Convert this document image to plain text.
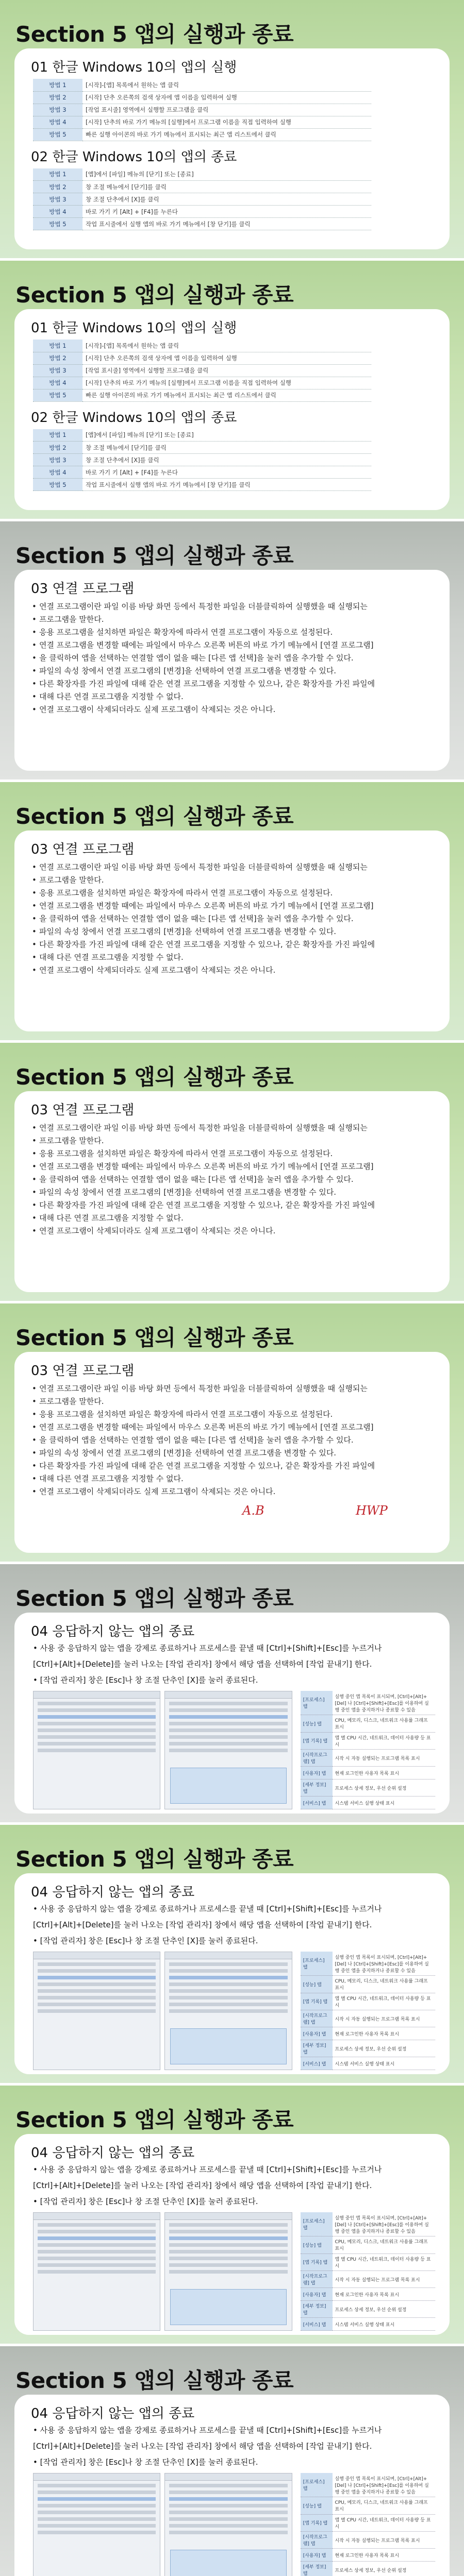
Section 5 앱의 실행과 종료
01 한글 Windows 10의 앱의 실행
방법 1	[시작]-[앱] 목록에서 원하는 앱 클릭
방법 2	[시작] 단추 오른쪽의 검색 상자에 앱 이름을 입력하여 실행
방법 3	[작업 표시줄] 영역에서 실행할 프로그램을 클릭
방법 4	[시작] 단추의 바로 가기 메뉴의 [실행]에서 프로그램 이름을 직접 입력하여 실행
방법 5	빠른 실행 아이콘의 바로 가기 메뉴에서 표시되는 최근 앱 리스트에서 클릭
02 한글 Windows 10의 앱의 종료
방법 1	[앱]에서 [파일] 메뉴의 [닫기] 또는 [종료]
방법 2	창 조절 메뉴에서 [닫기]를 클릭
방법 3	창 조절 단추에서 [X]를 클릭
방법 4	바로 가기 키 [Alt] + [F4]를 누른다
방법 5	작업 표시줄에서 실행 앱의 바로 가기 메뉴에서 [창 닫기]를 클릭
Section 5 앱의 실행과 종료
01 한글 Windows 10의 앱의 실행
방법 1	[시작]-[앱] 목록에서 원하는 앱 클릭
방법 2	[시작] 단추 오른쪽의 검색 상자에 앱 이름을 입력하여 실행
방법 3	[작업 표시줄] 영역에서 실행할 프로그램을 클릭
방법 4	[시작] 단추의 바로 가기 메뉴의 [실행]에서 프로그램 이름을 직접 입력하여 실행
방법 5	빠른 실행 아이콘의 바로 가기 메뉴에서 표시되는 최근 앱 리스트에서 클릭
02 한글 Windows 10의 앱의 종료
방법 1	[앱]에서 [파일] 메뉴의 [닫기] 또는 [종료]
방법 2	창 조절 메뉴에서 [닫기]를 클릭
방법 3	창 조절 단추에서 [X]를 클릭
방법 4	바로 가기 키 [Alt] + [F4]를 누른다
방법 5	작업 표시줄에서 실행 앱의 바로 가기 메뉴에서 [창 닫기]를 클릭
Section 5 앱의 실행과 종료
03 연결 프로그램
• 연결 프로그램이란 파일 이름 바탕 화면 등에서 특정한 파일을 더블클릭하여 실행했을 때 실행되는
• 프로그램을 말한다.
• 응용 프로그램을 설치하면 파일은 확장자에 따라서 연결 프로그램이 자동으로 설정된다.
• 연결 프로그램을 변경할 때에는 파일에서 마우스 오른쪽 버튼의 바로 가기 메뉴에서 [연결 프로그램]
• 을 클릭하여 앱을 선택하는 연결할 앱이 없을 때는 [다른 앱 선택]을 눌러 앱을 추가할 수 있다.
• 파일의 속성 창에서 연결 프로그램의 [변경]을 선택하여 연결 프로그램을 변경할 수 있다.
• 다른 확장자를 가진 파일에 대해 같은 연결 프로그램을 지정할 수 있으나, 같은 확장자를 가진 파일에
• 대해 다른 연결 프로그램을 지정할 수 없다.
• 연결 프로그램이 삭제되더라도 실제 프로그램이 삭제되는 것은 아니다.
Section 5 앱의 실행과 종료
03 연결 프로그램
• 연결 프로그램이란 파일 이름 바탕 화면 등에서 특정한 파일을 더블클릭하여 실행했을 때 실행되는
• 프로그램을 말한다.
• 응용 프로그램을 설치하면 파일은 확장자에 따라서 연결 프로그램이 자동으로 설정된다.
• 연결 프로그램을 변경할 때에는 파일에서 마우스 오른쪽 버튼의 바로 가기 메뉴에서 [연결 프로그램]
• 을 클릭하여 앱을 선택하는 연결할 앱이 없을 때는 [다른 앱 선택]을 눌러 앱을 추가할 수 있다.
• 파일의 속성 창에서 연결 프로그램의 [변경]을 선택하여 연결 프로그램을 변경할 수 있다.
• 다른 확장자를 가진 파일에 대해 같은 연결 프로그램을 지정할 수 있으나, 같은 확장자를 가진 파일에
• 대해 다른 연결 프로그램을 지정할 수 없다.
• 연결 프로그램이 삭제되더라도 실제 프로그램이 삭제되는 것은 아니다.
Section 5 앱의 실행과 종료
03 연결 프로그램
• 연결 프로그램이란 파일 이름 바탕 화면 등에서 특정한 파일을 더블클릭하여 실행했을 때 실행되는
• 프로그램을 말한다.
• 응용 프로그램을 설치하면 파일은 확장자에 따라서 연결 프로그램이 자동으로 설정된다.
• 연결 프로그램을 변경할 때에는 파일에서 마우스 오른쪽 버튼의 바로 가기 메뉴에서 [연결 프로그램]
• 을 클릭하여 앱을 선택하는 연결할 앱이 없을 때는 [다른 앱 선택]을 눌러 앱을 추가할 수 있다.
• 파일의 속성 창에서 연결 프로그램의 [변경]을 선택하여 연결 프로그램을 변경할 수 있다.
• 다른 확장자를 가진 파일에 대해 같은 연결 프로그램을 지정할 수 있으나, 같은 확장자를 가진 파일에
• 대해 다른 연결 프로그램을 지정할 수 없다.
• 연결 프로그램이 삭제되더라도 실제 프로그램이 삭제되는 것은 아니다.
Section 5 앱의 실행과 종료
03 연결 프로그램
• 연결 프로그램이란 파일 이름 바탕 화면 등에서 특정한 파일을 더블클릭하여 실행했을 때 실행되는
• 프로그램을 말한다.
• 응용 프로그램을 설치하면 파일은 확장자에 따라서 연결 프로그램이 자동으로 설정된다.
• 연결 프로그램을 변경할 때에는 파일에서 마우스 오른쪽 버튼의 바로 가기 메뉴에서 [연결 프로그램]
• 을 클릭하여 앱을 선택하는 연결할 앱이 없을 때는 [다른 앱 선택]을 눌러 앱을 추가할 수 있다.
• 파일의 속성 창에서 연결 프로그램의 [변경]을 선택하여 연결 프로그램을 변경할 수 있다.
• 다른 확장자를 가진 파일에 대해 같은 연결 프로그램을 지정할 수 있으나, 같은 확장자를 가진 파일에
• 대해 다른 연결 프로그램을 지정할 수 없다.
• 연결 프로그램이 삭제되더라도 실제 프로그램이 삭제되는 것은 아니다.
A.B	HWP
Section 5 앱의 실행과 종료
04 응답하지 않는 앱의 종료
• 사용 중 응답하지 않는 앱을 강제로 종료하거나 프로세스를 끝낼 때 [Ctrl]+[Shift]+[Esc]를 누르거나
[Ctrl]+[Alt]+[Delete]를 눌러 나오는 [작업 관리자] 창에서 해당 앱을 선택하여 [작업 끝내기] 한다.
• [작업 관리자] 창은 [Esc]나 창 조절 단추인 [X]를 눌러 종료된다.
[프로세스] 탭	실행 중인 앱 목록이 표시되며, [Ctrl]+[Alt]+[Del] 나 [Ctrl]+[Shift]+[Esc]를 이용하여 실행 중인 앱을 중지하거나 종료할 수 있음
[성능] 탭	CPU, 메모리, 디스크, 네트워크 사용률 그래프 표시
[앱 기록] 탭	앱 별 CPU 시간, 네트워크, 데이터 사용량 등 표시
[시작프로그램] 탭	시작 시 자동 실행되는 프로그램 목록 표시
[사용자] 탭	현재 로그인한 사용자 목록 표시
[세부 정보] 탭	프로세스 상세 정보, 우선 순위 설정
[서비스] 탭	시스템 서비스 실행 상태 표시
Section 5 앱의 실행과 종료
04 응답하지 않는 앱의 종료
• 사용 중 응답하지 않는 앱을 강제로 종료하거나 프로세스를 끝낼 때 [Ctrl]+[Shift]+[Esc]를 누르거나
[Ctrl]+[Alt]+[Delete]를 눌러 나오는 [작업 관리자] 창에서 해당 앱을 선택하여 [작업 끝내기] 한다.
• [작업 관리자] 창은 [Esc]나 창 조절 단추인 [X]를 눌러 종료된다.
[프로세스] 탭	실행 중인 앱 목록이 표시되며, [Ctrl]+[Alt]+[Del] 나 [Ctrl]+[Shift]+[Esc]를 이용하여 실행 중인 앱을 중지하거나 종료할 수 있음
[성능] 탭	CPU, 메모리, 디스크, 네트워크 사용률 그래프 표시
[앱 기록] 탭	앱 별 CPU 시간, 네트워크, 데이터 사용량 등 표시
[시작프로그램] 탭	시작 시 자동 실행되는 프로그램 목록 표시
[사용자] 탭	현재 로그인한 사용자 목록 표시
[세부 정보] 탭	프로세스 상세 정보, 우선 순위 설정
[서비스] 탭	시스템 서비스 실행 상태 표시
Section 5 앱의 실행과 종료
04 응답하지 않는 앱의 종료
• 사용 중 응답하지 않는 앱을 강제로 종료하거나 프로세스를 끝낼 때 [Ctrl]+[Shift]+[Esc]를 누르거나
[Ctrl]+[Alt]+[Delete]를 눌러 나오는 [작업 관리자] 창에서 해당 앱을 선택하여 [작업 끝내기] 한다.
• [작업 관리자] 창은 [Esc]나 창 조절 단추인 [X]를 눌러 종료된다.
[프로세스] 탭	실행 중인 앱 목록이 표시되며, [Ctrl]+[Alt]+[Del] 나 [Ctrl]+[Shift]+[Esc]를 이용하여 실행 중인 앱을 중지하거나 종료할 수 있음
[성능] 탭	CPU, 메모리, 디스크, 네트워크 사용률 그래프 표시
[앱 기록] 탭	앱 별 CPU 시간, 네트워크, 데이터 사용량 등 표시
[시작프로그램] 탭	시작 시 자동 실행되는 프로그램 목록 표시
[사용자] 탭	현재 로그인한 사용자 목록 표시
[세부 정보] 탭	프로세스 상세 정보, 우선 순위 설정
[서비스] 탭	시스템 서비스 실행 상태 표시
Section 5 앱의 실행과 종료
04 응답하지 않는 앱의 종료
• 사용 중 응답하지 않는 앱을 강제로 종료하거나 프로세스를 끝낼 때 [Ctrl]+[Shift]+[Esc]를 누르거나
[Ctrl]+[Alt]+[Delete]를 눌러 나오는 [작업 관리자] 창에서 해당 앱을 선택하여 [작업 끝내기] 한다.
• [작업 관리자] 창은 [Esc]나 창 조절 단추인 [X]를 눌러 종료된다.
[프로세스] 탭	실행 중인 앱 목록이 표시되며, [Ctrl]+[Alt]+[Del] 나 [Ctrl]+[Shift]+[Esc]를 이용하여 실행 중인 앱을 중지하거나 종료할 수 있음
[성능] 탭	CPU, 메모리, 디스크, 네트워크 사용률 그래프 표시
[앱 기록] 탭	앱 별 CPU 시간, 네트워크, 데이터 사용량 등 표시
[시작프로그램] 탭	시작 시 자동 실행되는 프로그램 목록 표시
[사용자] 탭	현재 로그인한 사용자 목록 표시
[세부 정보] 탭	프로세스 상세 정보, 우선 순위 설정
